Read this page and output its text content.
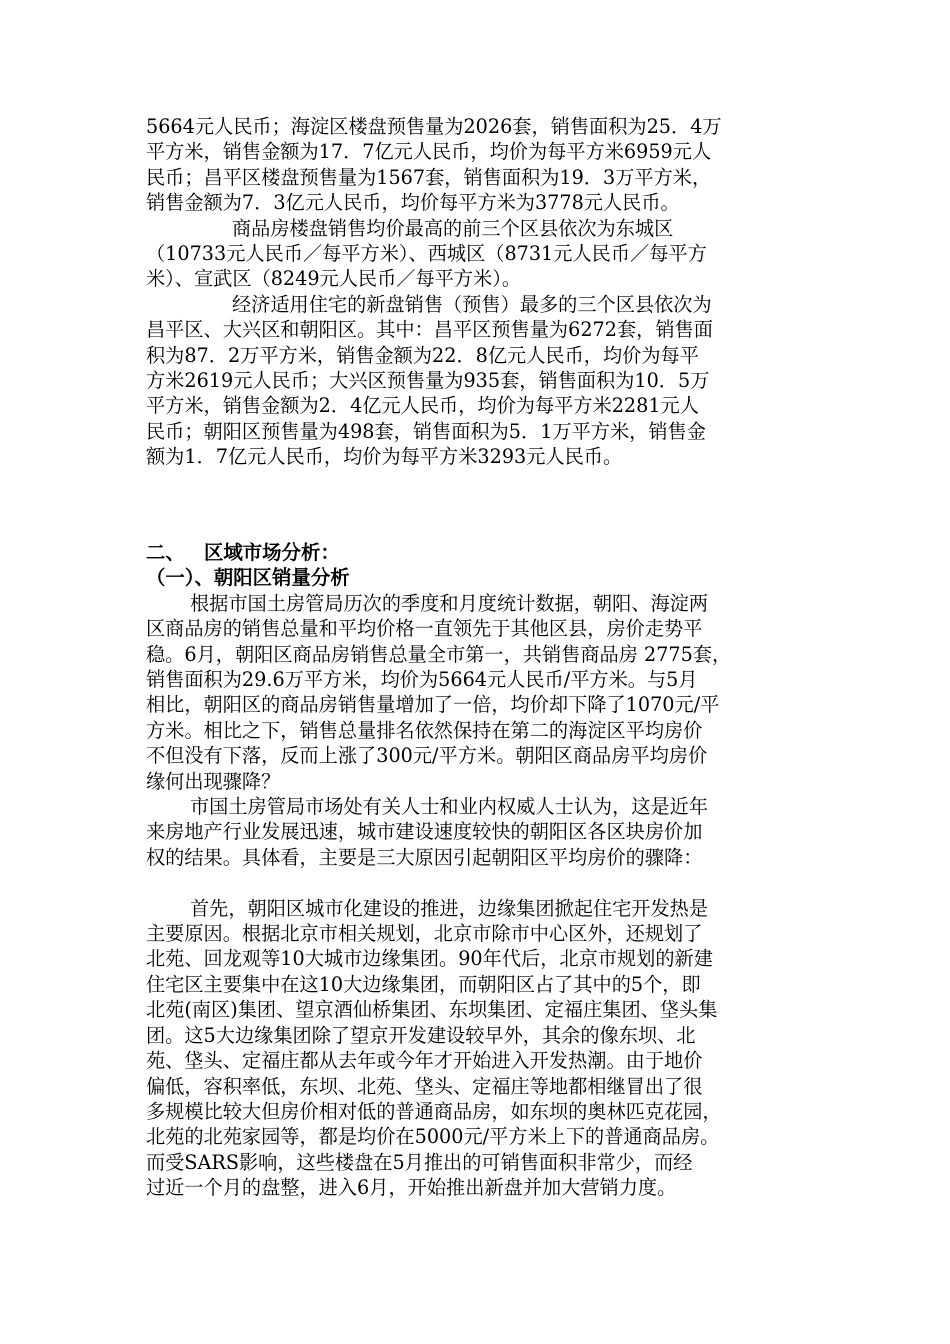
5664元人民币；海淀区楼盘预售量为2026套，销售面积为25．4万
平方米，销售金额为17．7亿元人民币，均价为每平方米6959元人
民币；昌平区楼盘预售量为1567套，销售面积为19．3万平方米，
销售金额为7．3亿元人民币，均价每平方米为3778元人民币。

商品房楼盘销售均价最高的前三个区县依次为东城区
（10733元人民币／每平方米）、西城区（8731元人民币／每平方
米）、宣武区（8249元人民币／每平方米）。

经济适用住宅的新盘销售（预售）最多的三个区县依次为
昌平区、大兴区和朝阳区。其中：昌平区预售量为6272套，销售面
积为87．2万平方米，销售金额为22．8亿元人民币，均价为每平
方米2619元人民币；大兴区预售量为935套，销售面积为10．5万
平方米，销售金额为2．4亿元人民币，均价为每平方米2281元人
民币；朝阳区预售量为498套，销售面积为5．1万平方米，销售金
额为1．7亿元人民币，均价为每平方米3293元人民币。

二、 区域市场分析：
（一）、朝阳区销量分析

根据市国土房管局历次的季度和月度统计数据，朝阳、海淀两
区商品房的销售总量和平均价格一直领先于其他区县，房价走势平
稳。6月，朝阳区商品房销售总量全市第一，共销售商品房 2775套，
销售面积为29.6万平方米，均价为5664元人民币/平方米。与5月
相比，朝阳区的商品房销售量增加了一倍，均价却下降了1070元/平
方米。相比之下，销售总量排名依然保持在第二的海淀区平均房价
不但没有下落，反而上涨了300元/平方米。朝阳区商品房平均房价
缘何出现骤降？

市国土房管局市场处有关人士和业内权威人士认为，这是近年
来房地产行业发展迅速，城市建设速度较快的朝阳区各区块房价加
权的结果。具体看，主要是三大原因引起朝阳区平均房价的骤降：

首先，朝阳区城市化建设的推进，边缘集团掀起住宅开发热是
主要原因。根据北京市相关规划，北京市除市中心区外，还规划了
北苑、回龙观等10大城市边缘集团。90年代后，北京市规划的新建
住宅区主要集中在这10大边缘集团，而朝阳区占了其中的5个，即
北苑(南区)集团、望京酒仙桥集团、东坝集团、定福庄集团、垡头集
团。这5大边缘集团除了望京开发建设较早外，其余的像东坝、北
苑、垡头、定福庄都从去年或今年才开始进入开发热潮。由于地价
偏低，容积率低，东坝、北苑、垡头、定福庄等地都相继冒出了很
多规模比较大但房价相对低的普通商品房，如东坝的奥林匹克花园，
北苑的北苑家园等，都是均价在5000元/平方米上下的普通商品房。
而受SARS影响，这些楼盘在5月推出的可销售面积非常少，而经
过近一个月的盘整，进入6月，开始推出新盘并加大营销力度。
